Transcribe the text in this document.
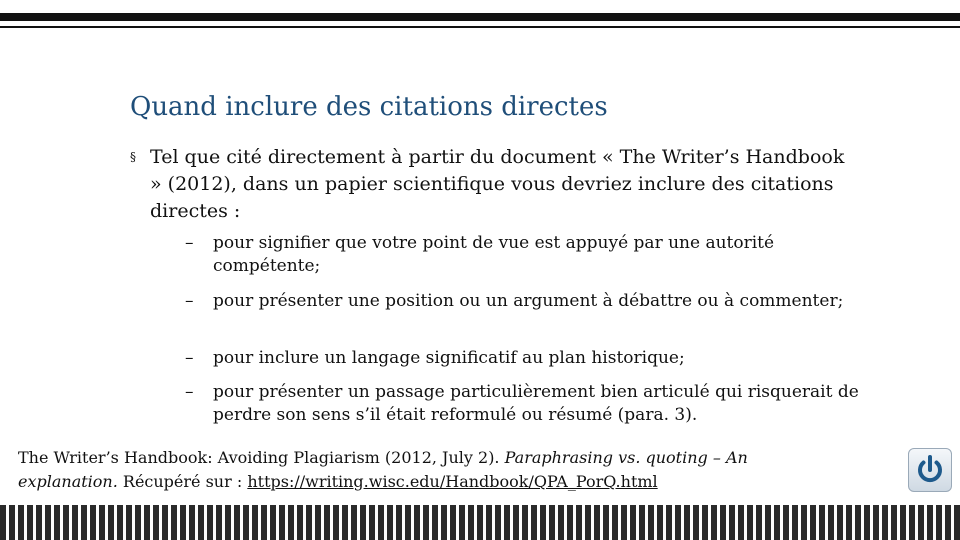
Quand inclure des citations directes
§ Tel que cité directement à partir du document « The Writer’s Handbook » (2012), dans un papier scientifique vous devriez inclure des citations directes :
– pour signifier que votre point de vue est appuyé par une autorité compétente;
– pour présenter une position ou un argument à débattre ou à commenter;
– pour inclure un langage significatif au plan historique;
– pour présenter un passage particulièrement bien articulé qui risquerait de perdre son sens s’il était reformulé ou résumé (para. 3).
The Writer’s Handbook: Avoiding Plagiarism (2012, July 2). Paraphrasing vs. quoting – An explanation. Récupéré sur : https://writing.wisc.edu/Handbook/QPA_PorQ.html
